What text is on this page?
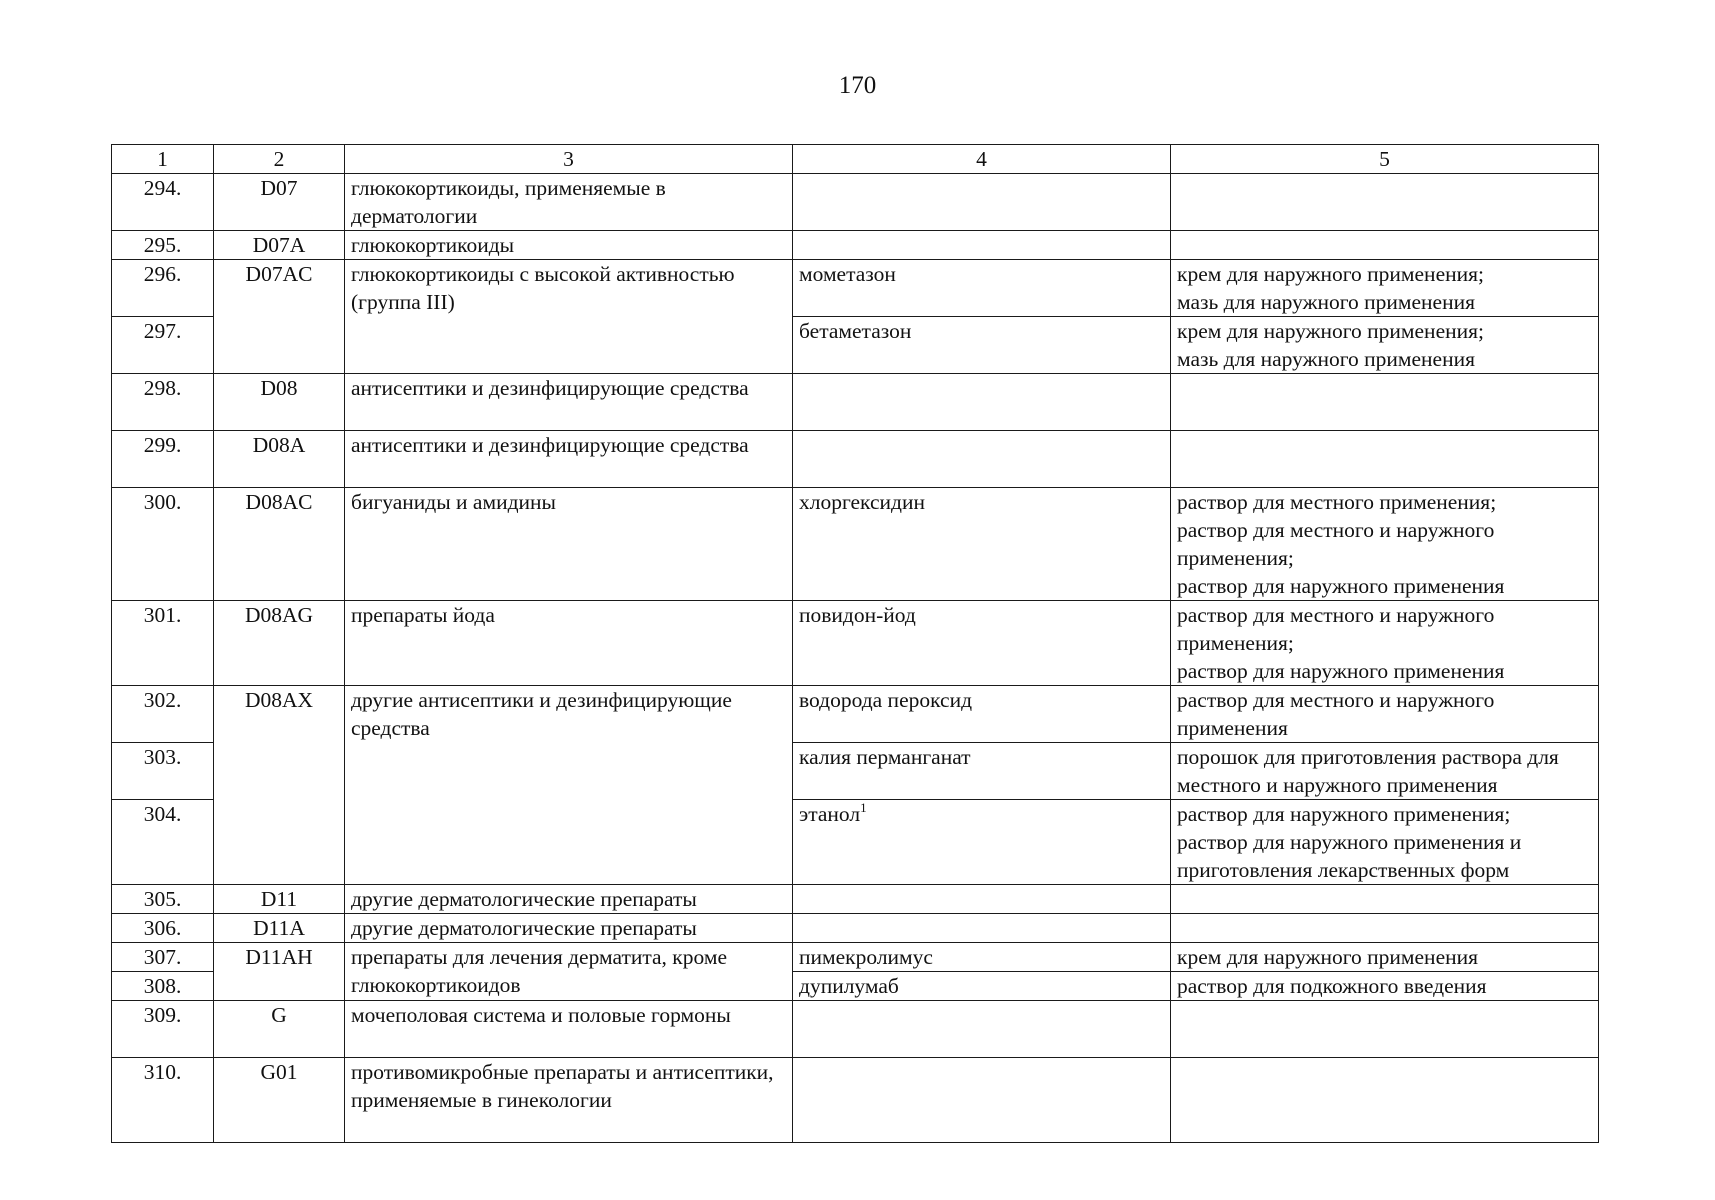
170
1	2	3	4	5
294.	D07	глюкокортикоиды, применяемые в дерматологии		
295.	D07A	глюкокортикоиды		
296.	D07AC	глюкокортикоиды с высокой активностью (группа III)	мометазон	крем для наружного применения;
мазь для наружного применения
297.			бетаметазон	крем для наружного применения;
мазь для наружного применения
298.	D08	антисептики и дезинфицирующие средства		
299.	D08A	антисептики и дезинфицирующие средства		
300.	D08AC	бигуаниды и амидины	хлоргексидин	раствор для местного применения;
раствор для местного и наружного применения;
раствор для наружного применения
301.	D08AG	препараты йода	повидон-йод	раствор для местного и наружного применения;
раствор для наружного применения
302.	D08AX	другие антисептики и дезинфицирующие средства	водорода пероксид	раствор для местного и наружного применения
303.			калия перманганат	порошок для приготовления раствора для местного и наружного применения
304.			этанол$^1$	раствор для наружного применения;
раствор для наружного применения и приготовления лекарственных форм
305.	D11	другие дерматологические препараты		
306.	D11A	другие дерматологические препараты		
307.	D11AH	препараты для лечения дерматита, кроме глюкокортикоидов	пимекролимус	крем для наружного применения
308.			дупилумаб	раствор для подкожного введения
309.	G	мочеполовая система и половые гормоны		
310.	G01	противомикробные препараты и антисептики, применяемые в гинекологии		
